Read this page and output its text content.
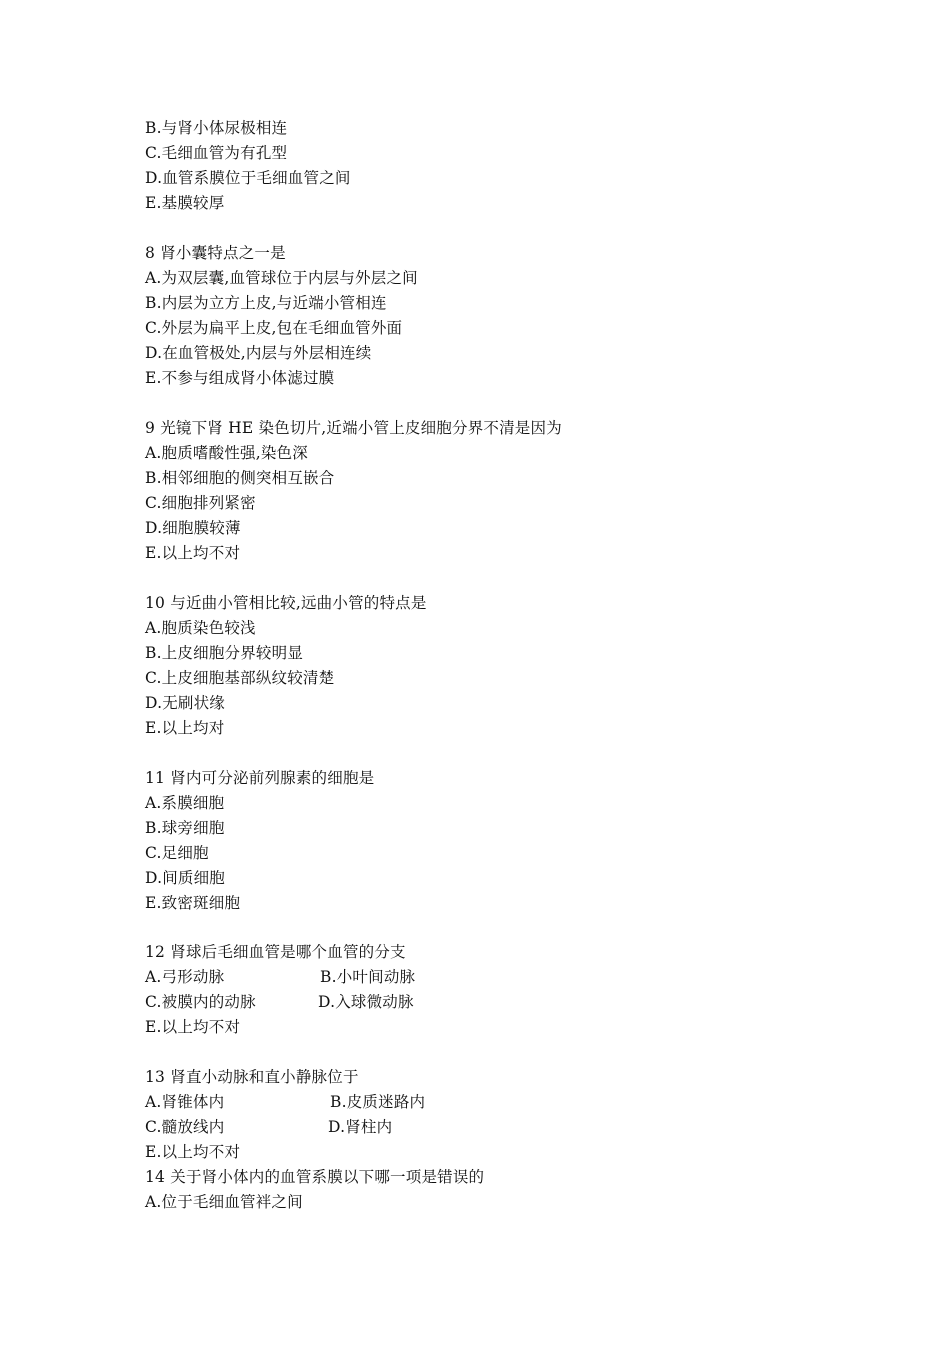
B.与肾小体尿极相连
C.毛细血管为有孔型
D.血管系膜位于毛细血管之间
E.基膜较厚
8 肾小囊特点之一是
A.为双层囊,血管球位于内层与外层之间
B.内层为立方上皮,与近端小管相连
C.外层为扁平上皮,包在毛细血管外面
D.在血管极处,内层与外层相连续
E.不参与组成肾小体滤过膜
9 光镜下肾 HE 染色切片,近端小管上皮细胞分界不清是因为
A.胞质嗜酸性强,染色深
B.相邻细胞的侧突相互嵌合
C.细胞排列紧密
D.细胞膜较薄
E.以上均不对
10 与近曲小管相比较,远曲小管的特点是
A.胞质染色较浅
B.上皮细胞分界较明显
C.上皮细胞基部纵纹较清楚
D.无刷状缘
E.以上均对
11 肾内可分泌前列腺素的细胞是
A.系膜细胞
B.球旁细胞
C.足细胞
D.间质细胞
E.致密斑细胞
12 肾球后毛细血管是哪个血管的分支
A.弓形动脉	B.小叶间动脉
C.被膜内的动脉	D.入球微动脉
E.以上均不对
13 肾直小动脉和直小静脉位于
A.肾锥体内	B.皮质迷路内
C.髓放线内	D.肾柱内
E.以上均不对
14 关于肾小体内的血管系膜以下哪一项是错误的
A.位于毛细血管袢之间
